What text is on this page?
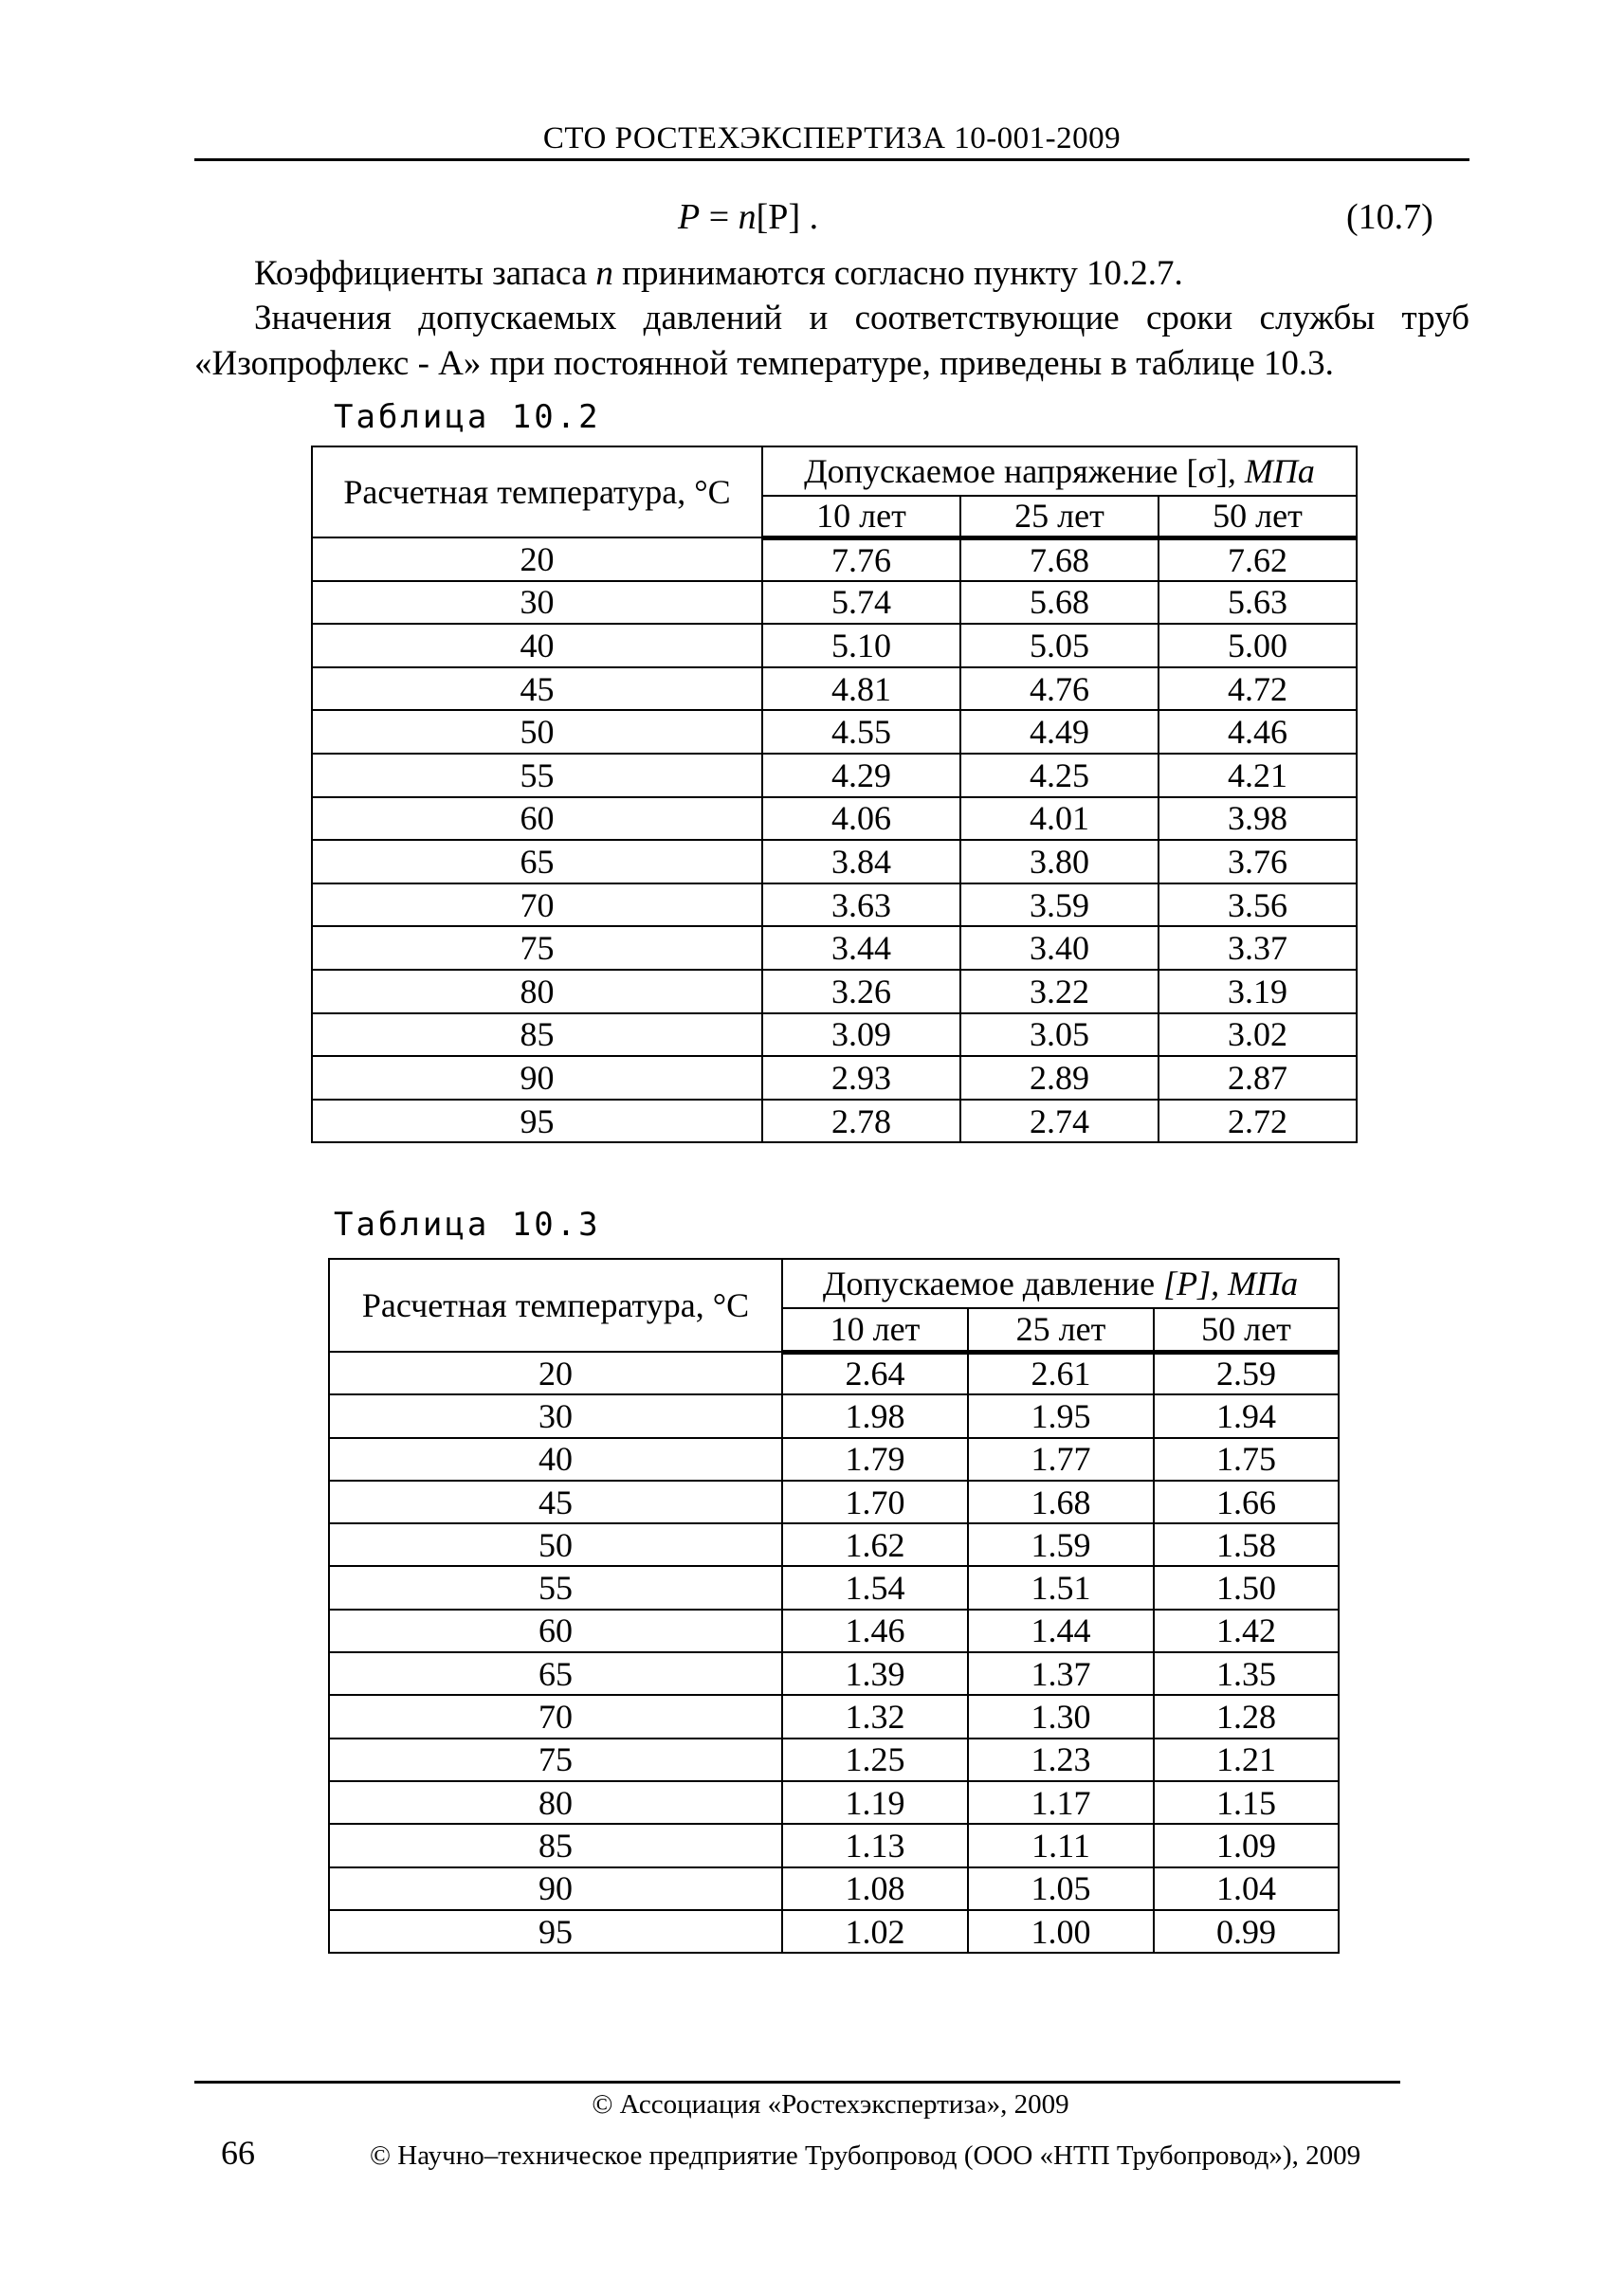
СТО РОСТЕХЭКСПЕРТИЗА 10-001-2009
P = n[P] .	(10.7)
Коэффициенты запаса n принимаются согласно пункту 10.2.7.
Значения допускаемых давлений и соответствующие сроки службы труб
«Изопрофлекс - А» при постоянной температуре, приведены в таблице 10.3.
Таблица 10.2
Расчетная температура, °С	Допускаемое напряжение [σ], МПа		
	10 лет	25 лет	50 лет
20	7.76	7.68	7.62
30	5.74	5.68	5.63
40	5.10	5.05	5.00
45	4.81	4.76	4.72
50	4.55	4.49	4.46
55	4.29	4.25	4.21
60	4.06	4.01	3.98
65	3.84	3.80	3.76
70	3.63	3.59	3.56
75	3.44	3.40	3.37
80	3.26	3.22	3.19
85	3.09	3.05	3.02
90	2.93	2.89	2.87
95	2.78	2.74	2.72
Таблица 10.3
Расчетная температура, °С	Допускаемое давление [P], МПа		
	10 лет	25 лет	50 лет
20	2.64	2.61	2.59
30	1.98	1.95	1.94
40	1.79	1.77	1.75
45	1.70	1.68	1.66
50	1.62	1.59	1.58
55	1.54	1.51	1.50
60	1.46	1.44	1.42
65	1.39	1.37	1.35
70	1.32	1.30	1.28
75	1.25	1.23	1.21
80	1.19	1.17	1.15
85	1.13	1.11	1.09
90	1.08	1.05	1.04
95	1.02	1.00	0.99
© Ассоциация «Ростехэкспертиза», 2009
66	© Научно–техническое предприятие Трубопровод (ООО «НТП Трубопровод»), 2009
